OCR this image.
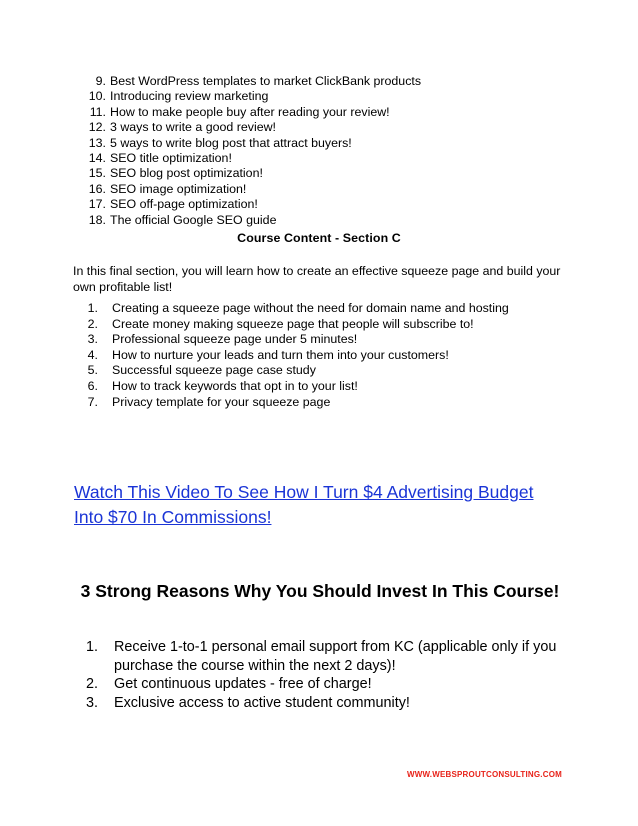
9. Best WordPress templates to market ClickBank products
10. Introducing review marketing
11. How to make people buy after reading your review!
12. 3 ways to write a good review!
13. 5 ways to write blog post that attract buyers!
14. SEO title optimization!
15. SEO blog post optimization!
16. SEO image optimization!
17. SEO off-page optimization!
18. The official Google SEO guide
Course Content - Section C
In this final section, you will learn how to create an effective squeeze page and build your own profitable list!
1.	Creating a squeeze page without the need for domain name and hosting
2.	Create money making squeeze page that people will subscribe to!
3.	Professional squeeze page under 5 minutes!
4.	How to nurture your leads and turn them into your customers!
5.	Successful squeeze page case study
6.	How to track keywords that opt in to your list!
7.	Privacy template for your squeeze page
Watch This Video To See How I Turn $4 Advertising Budget Into $70 In Commissions!
3 Strong Reasons Why You Should Invest In This Course!
1.	Receive 1-to-1 personal email support from KC (applicable only if you purchase the course within the next 2 days)!
2.	Get continuous updates - free of charge!
3.	Exclusive access to active student community!
WWW.WEBSPROUTCONSULTING.COM
